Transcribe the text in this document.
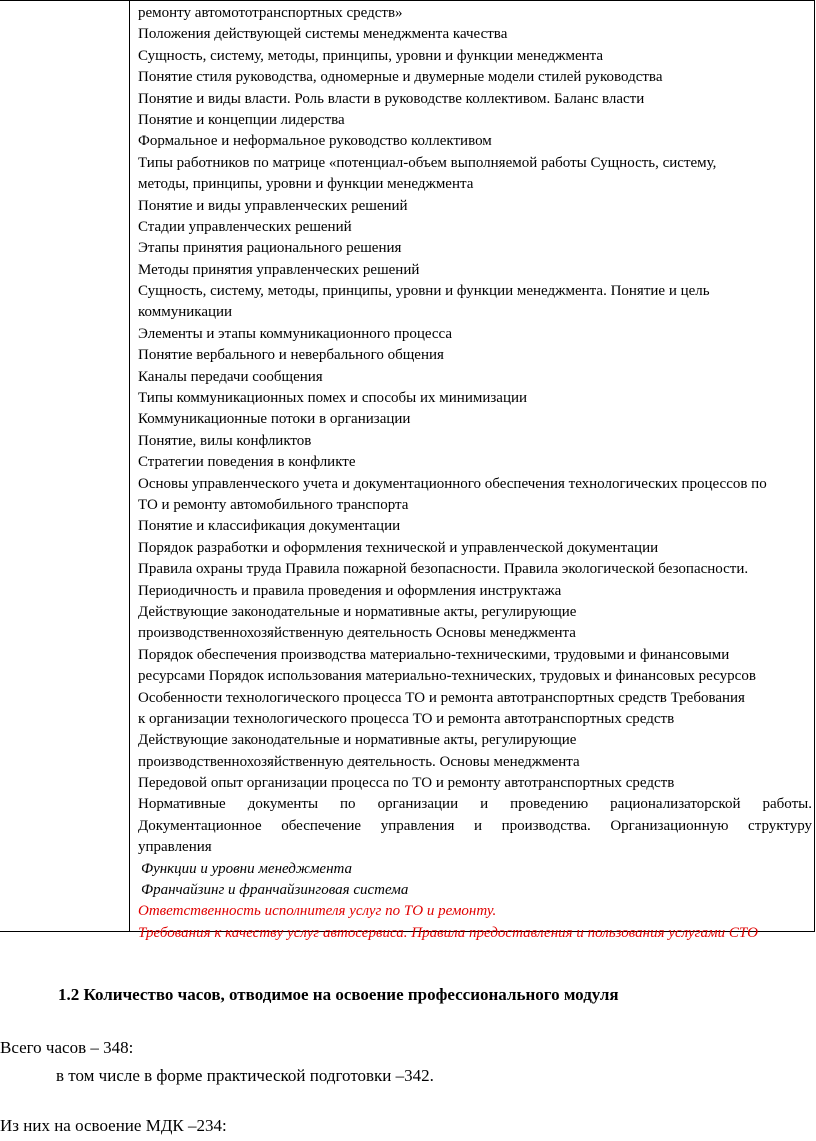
ремонту автомототранспортных средств»
Положения действующей системы менеджмента качества
Сущность, систему, методы, принципы, уровни и функции менеджмента
Понятие стиля руководства, одномерные и двумерные модели стилей руководства
Понятие и виды власти. Роль власти в руководстве коллективом. Баланс власти
Понятие и концепции лидерства
Формальное и неформальное руководство коллективом
Типы работников по матрице «потенциал-объем выполняемой работы Сущность, систему,
методы, принципы, уровни и функции менеджмента
Понятие и виды управленческих решений
Стадии управленческих решений
Этапы принятия рационального решения
Методы принятия управленческих решений
Сущность, систему, методы, принципы, уровни и функции менеджмента. Понятие и цель
коммуникации
Элементы и этапы коммуникационного процесса
Понятие вербального и невербального общения
Каналы передачи сообщения
Типы коммуникационных помех и способы их минимизации
Коммуникационные потоки в организации
Понятие, вилы конфликтов
Стратегии поведения в конфликте
Основы управленческого учета и документационного обеспечения технологических процессов по
ТО и ремонту автомобильного транспорта
Понятие и классификация документации
Порядок разработки и оформления технической и управленческой документации
Правила охраны труда Правила пожарной безопасности. Правила экологической безопасности.
Периодичность и правила проведения и оформления инструктажа
Действующие законодательные и нормативные акты, регулирующие
производственнохозяйственную деятельность Основы менеджмента
Порядок обеспечения производства материально-техническими, трудовыми и финансовыми
ресурсами Порядок использования материально-технических, трудовых и финансовых ресурсов
Особенности технологического процесса ТО и ремонта автотранспортных средств Требования
к организации технологического процесса ТО и ремонта автотранспортных средств
Действующие законодательные и нормативные акты, регулирующие
производственнохозяйственную деятельность. Основы менеджмента
Передовой опыт организации процесса по ТО и ремонту автотранспортных средств
Нормативные документы по организации и проведению рационализаторской работы.
Документационное обеспечение управления и производства. Организационную структуру
управления
Функции и уровни менеджмента
Франчайзинг и франчайзинговая система
Ответственность исполнителя услуг по ТО и ремонту.
Требования к качеству услуг автосервиса. Правила предоставления и пользования услугами СТО
1.2 Количество часов, отводимое на освоение профессионального модуля
Всего часов – 348:
в том числе в форме практической подготовки –342.
Из них на освоение МДК –234:
